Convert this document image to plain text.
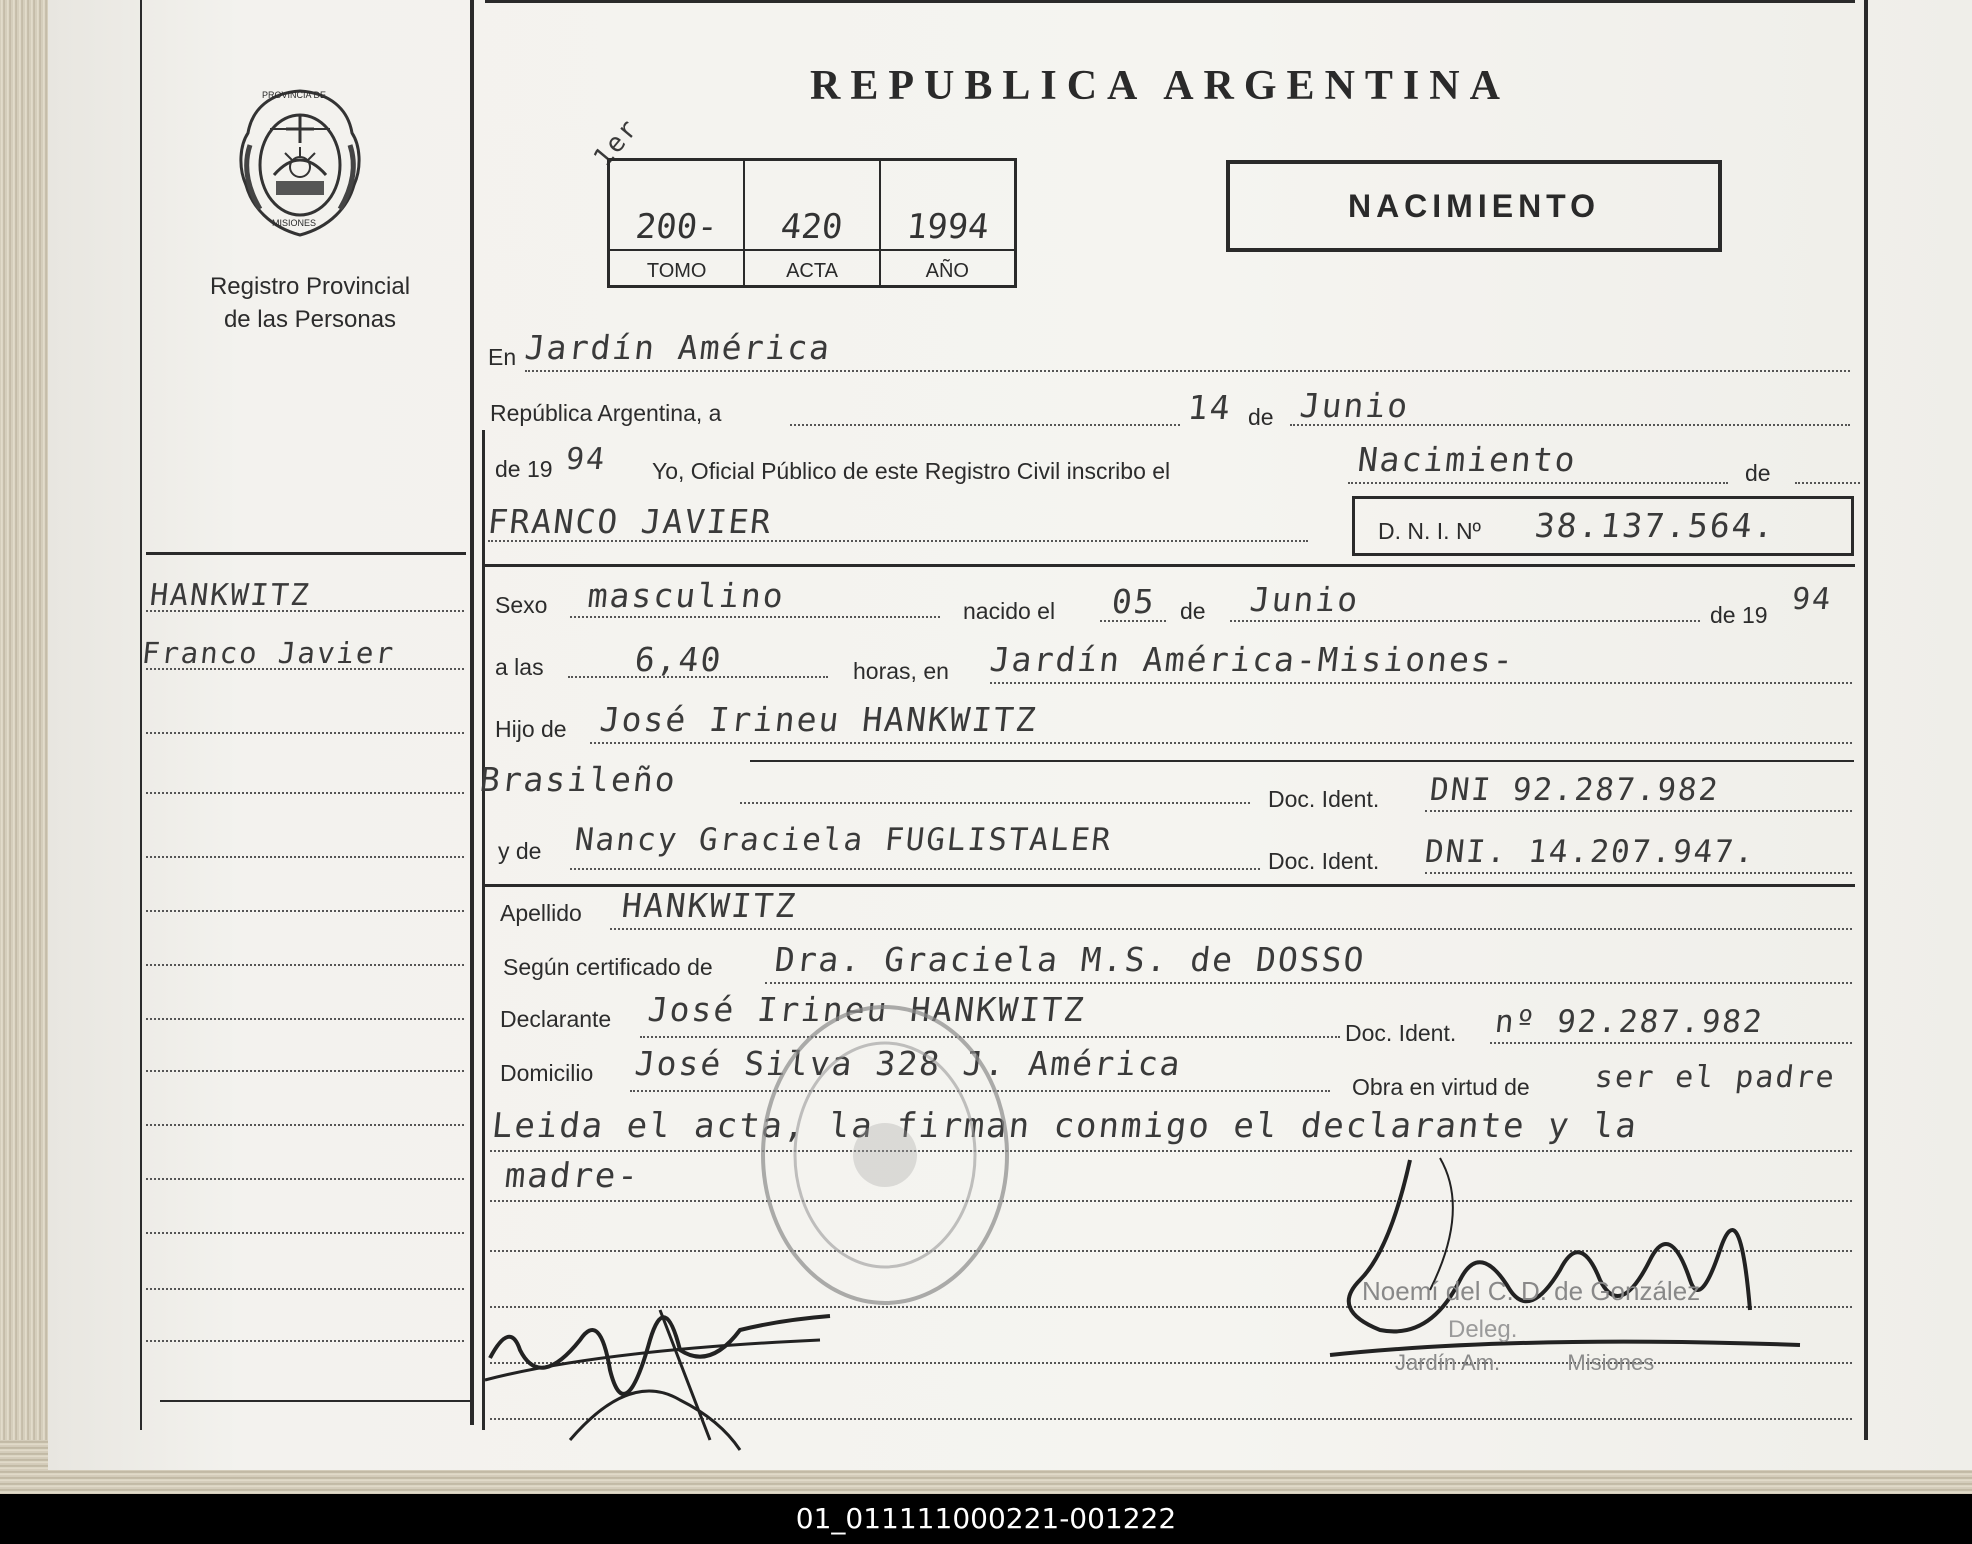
PROVINCIA DE
MISIONES
Registro Provincial
de las Personas
HANKWITZ
Franco Javier
REPUBLICA ARGENTINA
1er
200-
TOMO
420
ACTA
1994
AÑO
NACIMIENTO
En Jardín América
República Argentina, a	14 de Junio
de 19 94 Yo, Oficial Público de este Registro Civil inscribo el	Nacimiento	de
FRANCO JAVIER	D. N. I. Nº 38.137.564.
Sexo masculino	nacido el 05 de Junio	de 19 94
a las	6,40	horas, en Jardín América-Misiones-
Hijo de José Irineu HANKWITZ
Brasileño	Doc. Ident. DNI 92.287.982
y de Nancy Graciela FUGLISTALER
Doc. Ident. DNI. 14.207.947.
Apellido HANKWITZ
Según certificado de Dra. Graciela M.S. de DOSSO
Declarante José Irineu HANKWITZ
Doc. Ident. nº 92.287.982
Domicilio José Silva 328 J. América
Obra en virtud de ser el padre
Leida el acta, la firman conmigo el declarante y la
madre-
Noemí del C. D. de González
Deleg.
Jardín Am.           Misiones
01_011111000221-001222
